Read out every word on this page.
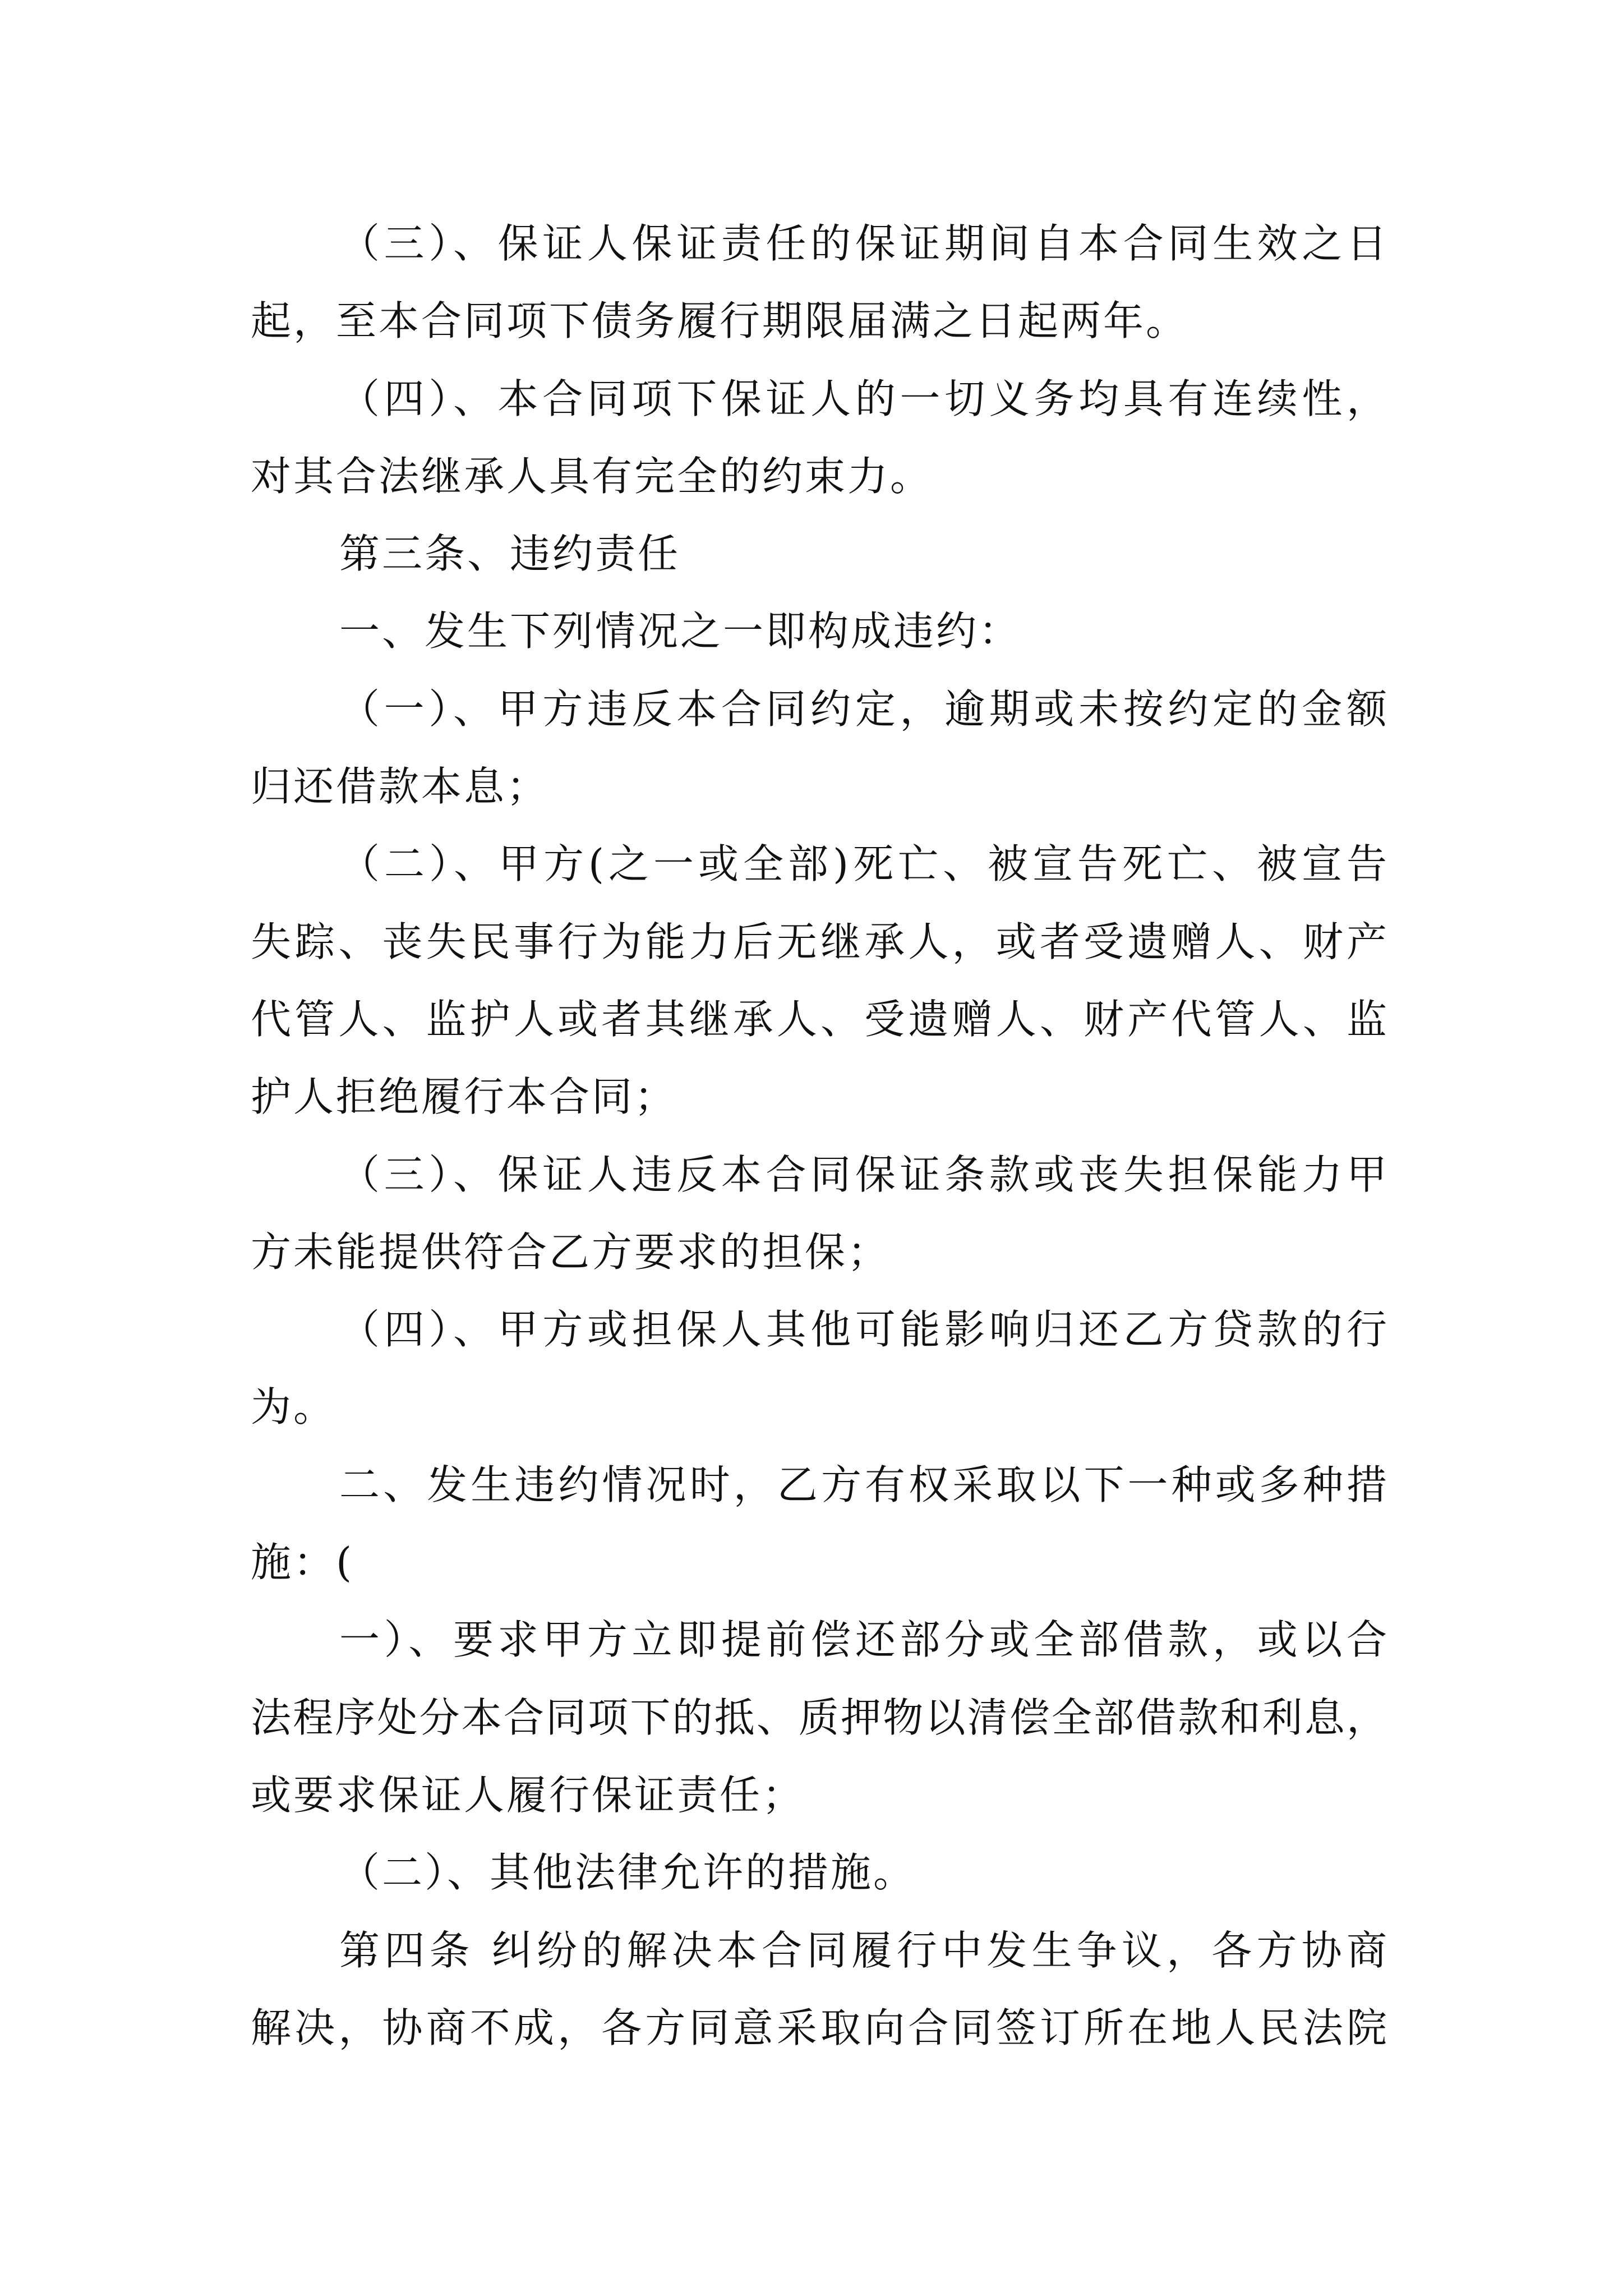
（三）、保证人保证责任的保证期间自本合同生效之日
起，至本合同项下债务履行期限届满之日起两年。
（四）、本合同项下保证人的一切义务均具有连续性，
对其合法继承人具有完全的约束力。
第三条、违约责任
一、发生下列情况之一即构成违约：
（一）、甲方违反本合同约定，逾期或未按约定的金额
归还借款本息；
（二）、甲方(之一或全部)死亡、被宣告死亡、被宣告
失踪、丧失民事行为能力后无继承人，或者受遗赠人、财产
代管人、监护人或者其继承人、受遗赠人、财产代管人、监
护人拒绝履行本合同；
（三）、保证人违反本合同保证条款或丧失担保能力甲
方未能提供符合乙方要求的担保；
（四）、甲方或担保人其他可能影响归还乙方贷款的行
为。
二、发生违约情况时，乙方有权采取以下一种或多种措
施：(
一）、要求甲方立即提前偿还部分或全部借款，或以合
法程序处分本合同项下的抵、质押物以清偿全部借款和利息，
或要求保证人履行保证责任；
（二）、其他法律允许的措施。
第四条 纠纷的解决本合同履行中发生争议，各方协商
解决，协商不成，各方同意采取向合同签订所在地人民法院
